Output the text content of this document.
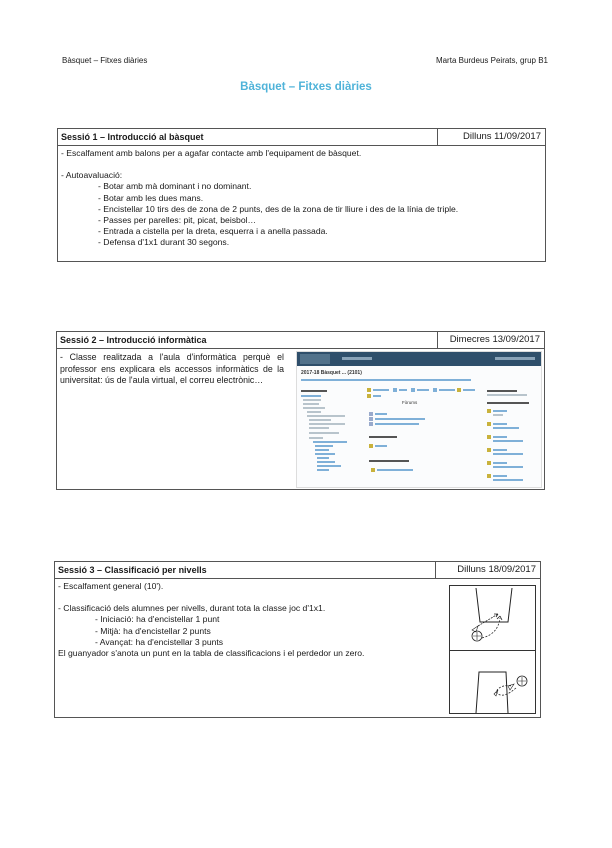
Bàsquet – Fitxes diàries	Marta Burdeus Peirats, grup B1
Bàsquet – Fitxes diàries
Sessió 1 – Introducció al bàsquet	Dilluns 11/09/2017
- Escalfament amb balons per a agafar contacte amb l'equipament de bàsquet.
- Autoavaluació:
- Botar amb mà dominant i no dominant.
- Botar amb les dues mans.
- Encistellar 10 tirs des de zona de 2 punts, des de la zona de tir lliure i des de la línia de triple.
- Passes per parelles: pit, picat, beisbol…
- Entrada a cistella per la dreta, esquerra i a anella passada.
- Defensa d'1x1 durant 30 segons.
Sessió 2 – Introducció informàtica	Dimecres 13/09/2017
- Classe realitzada a l'aula d'informàtica perquè el professor ens explicara els accessos informàtics de la universitat: ús de l'aula virtual, el correu electrònic…
2017-18 Bàsquet ... (2101)
Fòrums
Sessió 3 – Classificació per nivells	Dilluns 18/09/2017
- Escalfament general (10').
- Classificació dels alumnes per nivells, durant tota la classe joc d'1x1.
- Iniciació: ha d'encistellar 1 punt
- Mitjà: ha d'encistellar 2 punts
- Avançat: ha d'encistellar 3 punts
El guanyador s'anota un punt en la tabla de classificacions i el perdedor un zero.
